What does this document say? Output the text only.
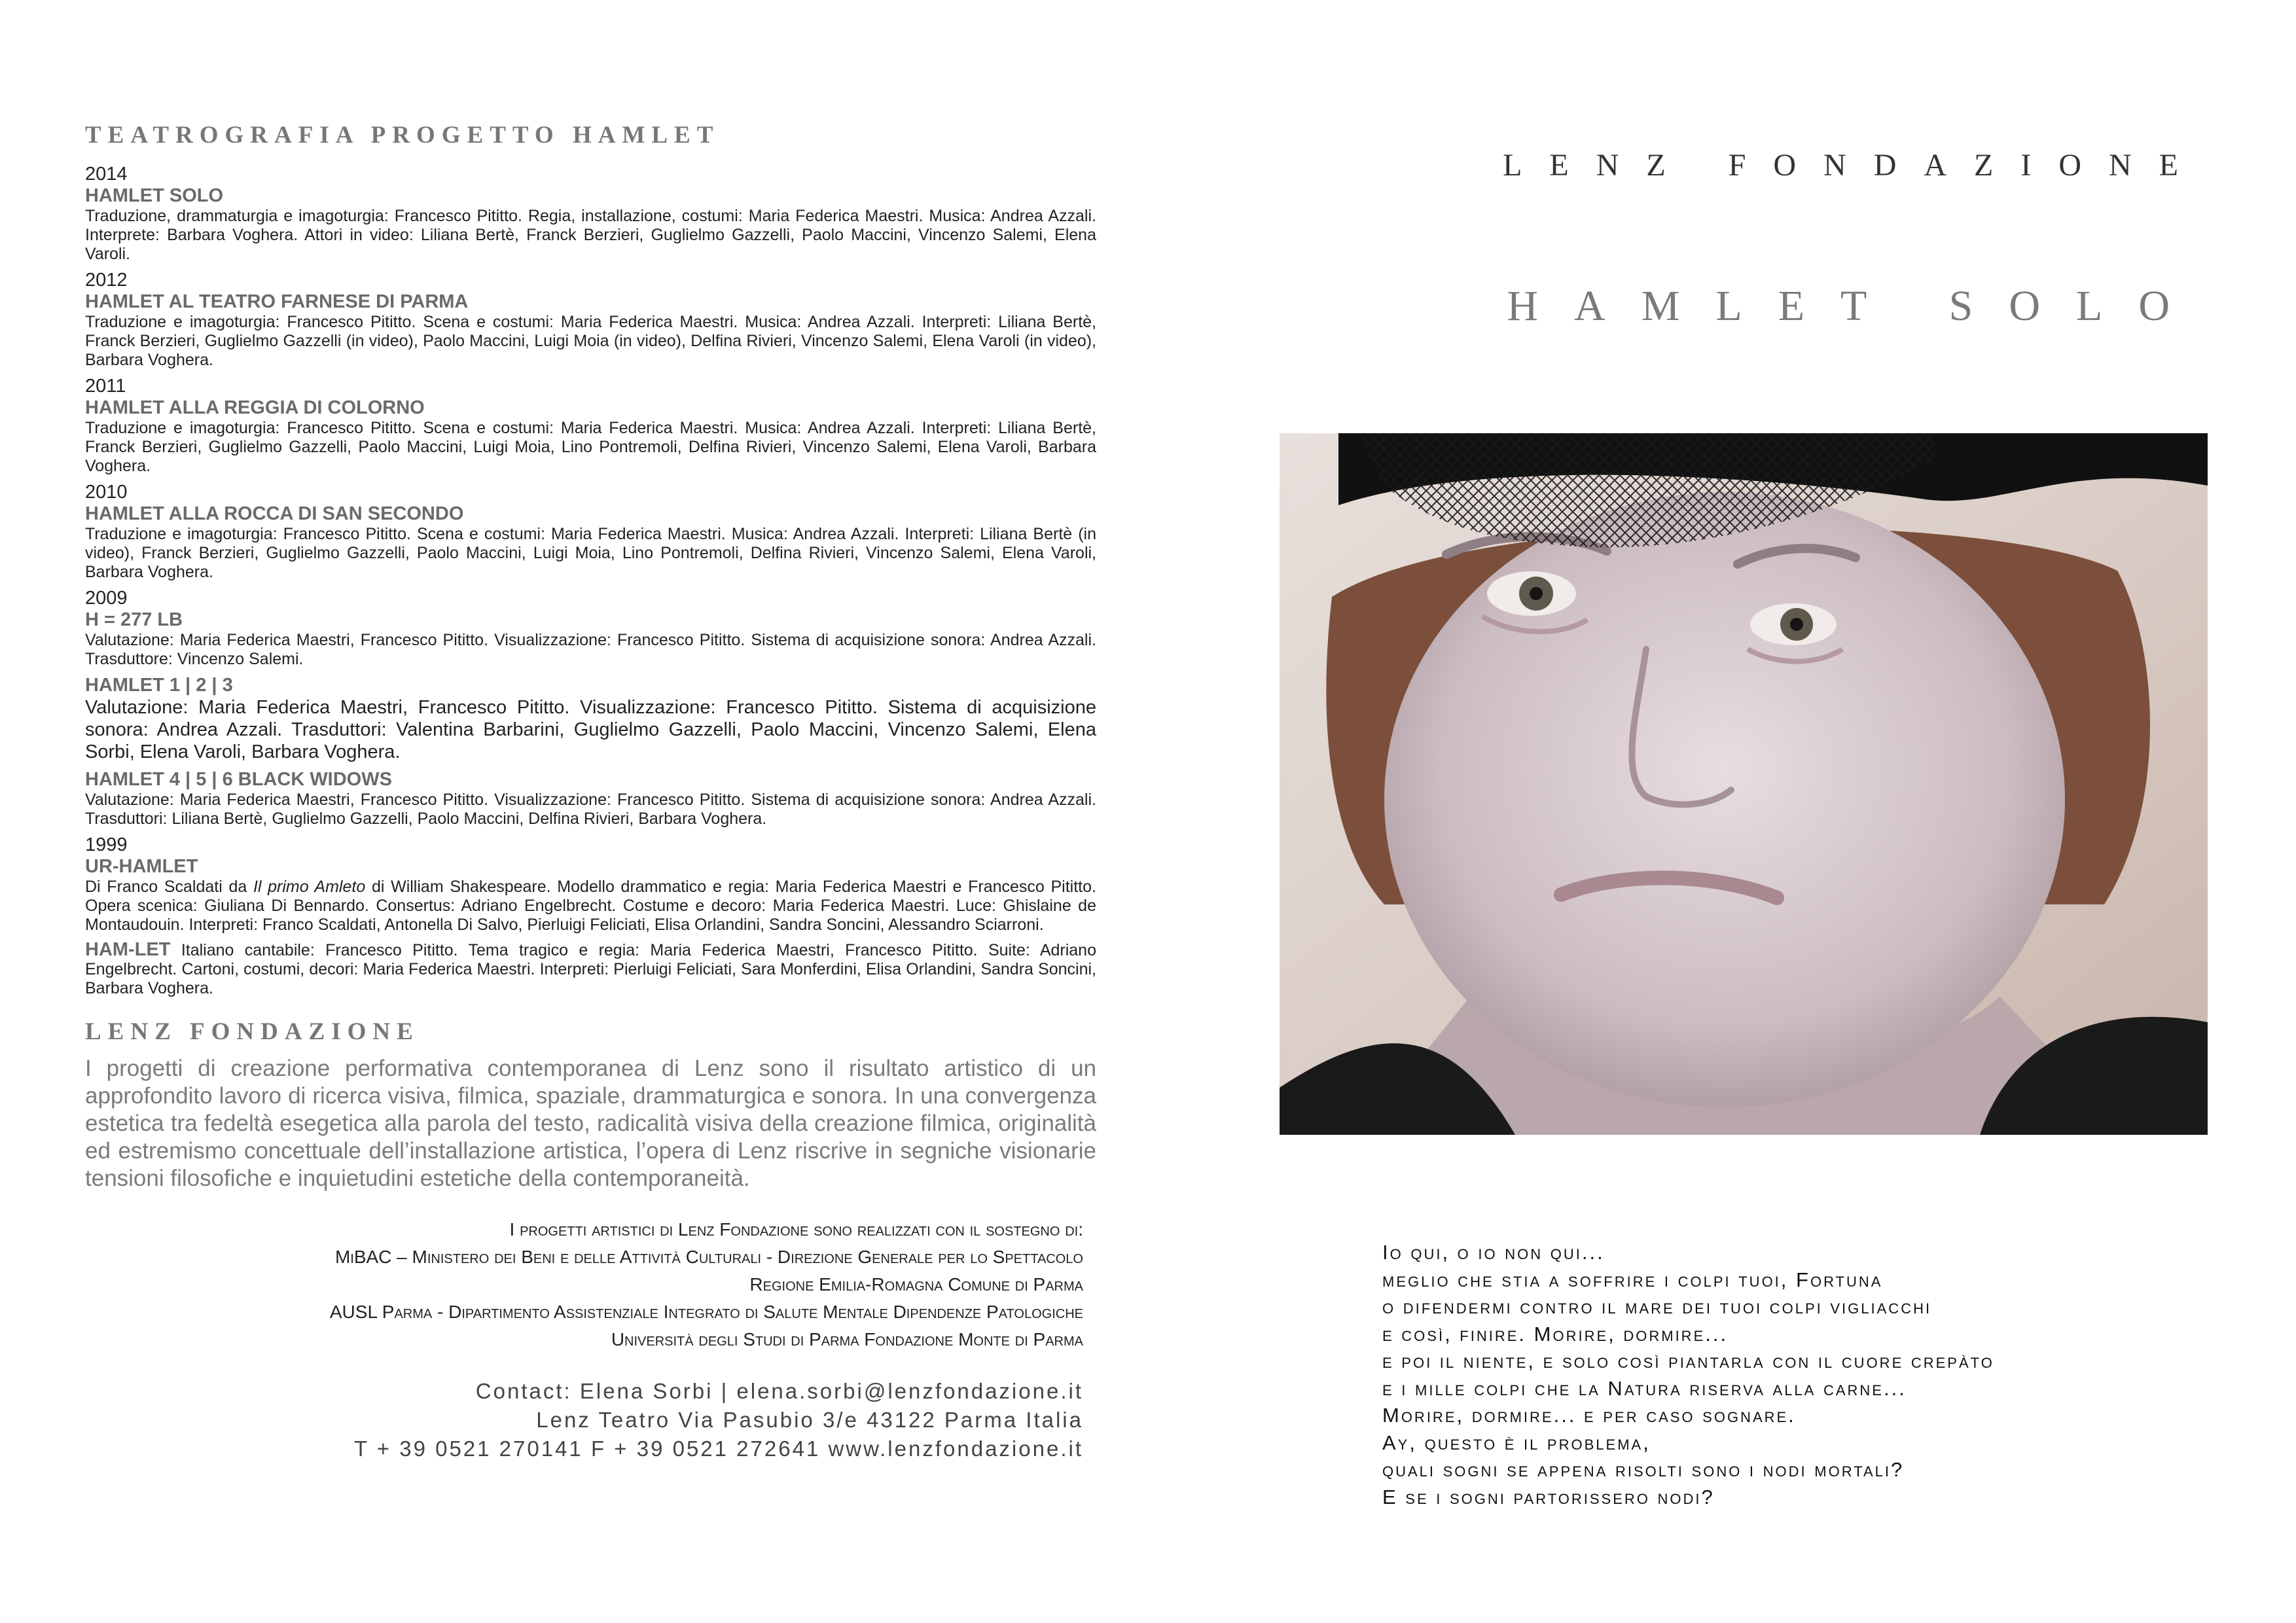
TEATROGRAFIA PROGETTO HAMLET
2014
HAMLET SOLO
Traduzione, drammaturgia e imagoturgia: Francesco Pititto. Regia, installazione, costumi: Maria Federica Maestri. Musica: Andrea Azzali. Interprete: Barbara Voghera. Attori in video: Liliana Bertè, Franck Berzieri, Guglielmo Gazzelli, Paolo Maccini, Vincenzo Salemi, Elena Varoli.
2012
HAMLET AL TEATRO FARNESE DI PARMA
Traduzione e imagoturgia: Francesco Pititto. Scena e costumi: Maria Federica Maestri. Musica: Andrea Azzali. Interpreti: Liliana Bertè, Franck Berzieri, Guglielmo Gazzelli (in video), Paolo Maccini, Luigi Moia (in video), Delfina Rivieri, Vincenzo Salemi, Elena Varoli (in video), Barbara Voghera.
2011
HAMLET ALLA REGGIA DI COLORNO
Traduzione e imagoturgia: Francesco Pititto. Scena e costumi: Maria Federica Maestri. Musica: Andrea Azzali. Interpreti: Liliana Bertè, Franck Berzieri, Guglielmo Gazzelli, Paolo Maccini, Luigi Moia, Lino Pontremoli, Delfina Rivieri, Vincenzo Salemi, Elena Varoli, Barbara Voghera.
2010
HAMLET ALLA ROCCA DI SAN SECONDO
Traduzione e imagoturgia: Francesco Pititto. Scena e costumi: Maria Federica Maestri. Musica: Andrea Azzali. Interpreti: Liliana Bertè (in video), Franck Berzieri, Guglielmo Gazzelli, Paolo Maccini, Luigi Moia, Lino Pontremoli, Delfina Rivieri, Vincenzo Salemi, Elena Varoli, Barbara Voghera.
2009
H = 277 LB
Valutazione: Maria Federica Maestri, Francesco Pititto. Visualizzazione: Francesco Pititto. Sistema di acquisizione sonora: Andrea Azzali. Trasduttore: Vincenzo Salemi.
HAMLET 1 | 2 | 3
Valutazione: Maria Federica Maestri, Francesco Pititto. Visualizzazione: Francesco Pititto. Sistema di acquisizione sonora: Andrea Azzali. Trasduttori: Valentina Barbarini, Guglielmo Gazzelli, Paolo Maccini, Vincenzo Salemi, Elena Sorbi, Elena Varoli, Barbara Voghera.
HAMLET 4 | 5 | 6 BLACK WIDOWS
Valutazione: Maria Federica Maestri, Francesco Pititto. Visualizzazione: Francesco Pititto. Sistema di acquisizione sonora: Andrea Azzali. Trasduttori: Liliana Bertè, Guglielmo Gazzelli, Paolo Maccini, Delfina Rivieri, Barbara Voghera.
1999
UR-HAMLET
Di Franco Scaldati da Il primo Amleto di William Shakespeare. Modello drammatico e regia: Maria Federica Maestri e Francesco Pititto. Opera scenica: Giuliana Di Bennardo. Consertus: Adriano Engelbrecht. Costume e decoro: Maria Federica Maestri. Luce: Ghislaine de Montaudouin. Interpreti: Franco Scaldati, Antonella Di Salvo, Pierluigi Feliciati, Elisa Orlandini, Sandra Soncini, Alessandro Sciarroni.
HAM-LET Italiano cantabile: Francesco Pititto. Tema tragico e regia: Maria Federica Maestri, Francesco Pititto. Suite: Adriano Engelbrecht. Cartoni, costumi, decori: Maria Federica Maestri. Interpreti: Pierluigi Feliciati, Sara Monferdini, Elisa Orlandini, Sandra Soncini, Barbara Voghera.
LENZ FONDAZIONE

I progetti di creazione performativa contemporanea di Lenz sono il risultato artistico di un approfondito lavoro di ricerca visiva, filmica, spaziale, drammaturgica e sonora. In una convergenza estetica tra fedeltà esegetica alla parola del testo, radicalità visiva della creazione filmica, originalità ed estremismo concettuale dell’installazione artistica, l’opera di Lenz riscrive in segniche visionarie tensioni filosofiche e inquietudini estetiche della contemporaneità.

I progetti artistici di Lenz Fondazione sono realizzati con il sostegno di:
MiBAC – Ministero dei Beni e delle Attività Culturali - Direzione Generale per lo Spettacolo
Regione Emilia-Romagna Comune di Parma
AUSL Parma - Dipartimento Assistenziale Integrato di Salute Mentale Dipendenze Patologiche
Università degli Studi di Parma Fondazione Monte di Parma
Contact: Elena Sorbi | elena.sorbi@lenzfondazione.it
Lenz Teatro Via Pasubio 3/e 43122 Parma Italia
T + 39 0521 270141 F + 39 0521 272641 www.lenzfondazione.it
LENZ FONDAZIONE
HAMLET SOLO
Io qui, o io non qui...
meglio che stia a soffrire i colpi tuoi, Fortuna
o difendermi contro il mare dei tuoi colpi vigliacchi
e così, finire. Morire, dormire...
e poi il niente, e solo così piantarla con il cuore crepàto
e i mille colpi che la Natura riserva alla carne...
Morire, dormire... e per caso sognare.
Ay, questo è il problema,
quali sogni se appena risolti sono i nodi mortali?
E se i sogni partorissero nodi?
